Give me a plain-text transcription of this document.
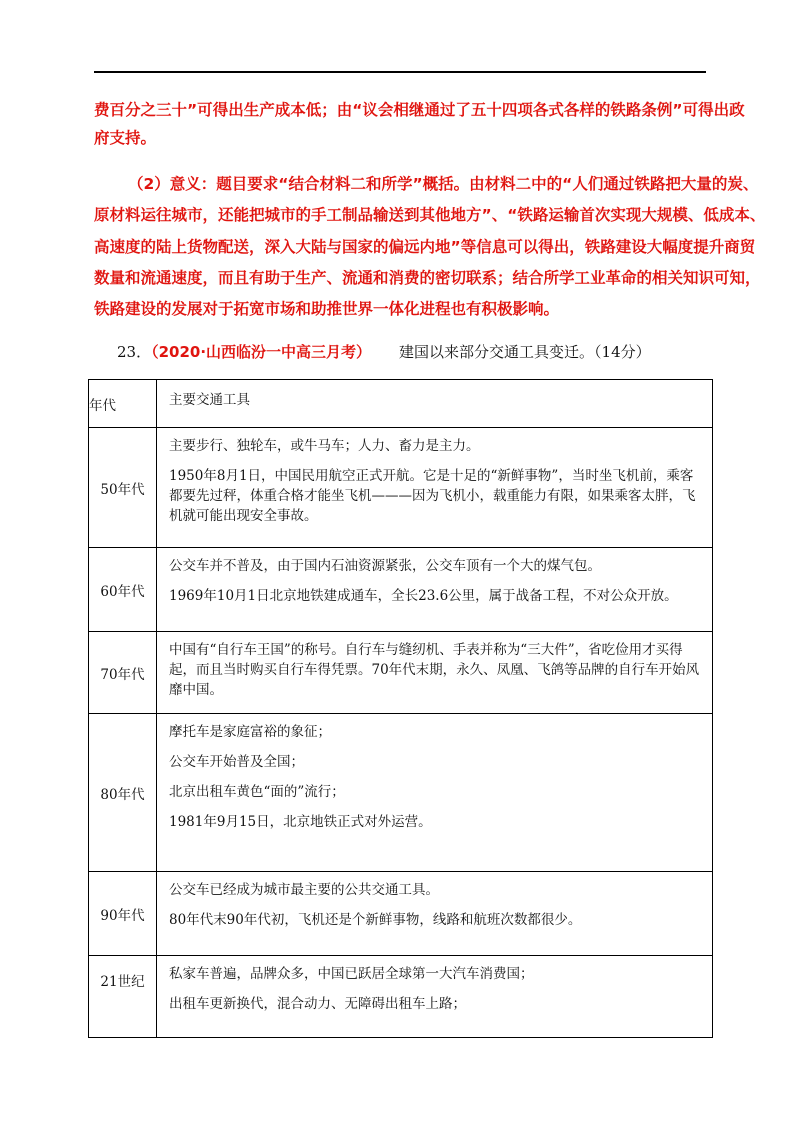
费百分之三十”可得出生产成本低；由“议会相继通过了五十四项各式各样的铁路条例”可得出政
府支持。
（2）意义：题目要求“结合材料二和所学”概括。由材料二中的“人们通过铁路把大量的炭、
原材料运往城市，还能把城市的手工制品输送到其他地方”、“铁路运输首次实现大规模、低成本、
高速度的陆上货物配送，深入大陆与国家的偏远内地”等信息可以得出，铁路建设大幅度提升商贸
数量和流通速度，而且有助于生产、流通和消费的密切联系；结合所学工业革命的相关知识可知，
铁路建设的发展对于拓宽市场和助推世界一体化进程也有积极影响。
23．（2020·山西临汾一中高三月考） 建国以来部分交通工具变迁。（14分）
年代	主要交通工具
50年代	主要步行、独轮车，或牛马车；人力、畜力是主力。

1950年8月1日，中国民用航空正式开航。它是十足的“新鲜事物”，当时坐飞机前，乘客都要先过秤，体重合格才能坐飞机———因为飞机小，载重能力有限，如果乘客太胖，飞机就可能出现安全事故。

60年代	公交车并不普及，由于国内石油资源紧张，公交车顶有一个大的煤气包。

1969年10月1日北京地铁建成通车，全长23.6公里，属于战备工程，不对公众开放。

70年代	中国有“自行车王国”的称号。自行车与缝纫机、手表并称为“三大件”，省吃俭用才买得起，而且当时购买自行车得凭票。70年代末期，永久、凤凰、飞鸽等品牌的自行车开始风靡中国。

80年代	摩托车是家庭富裕的象征；

公交车开始普及全国；

北京出租车黄色“面的”流行；

1981年9月15日，北京地铁正式对外运营。

90年代	公交车已经成为城市最主要的公共交通工具。

80年代末90年代初，飞机还是个新鲜事物，线路和航班次数都很少。

21世纪	私家车普遍，品牌众多，中国已跃居全球第一大汽车消费国；

出租车更新换代，混合动力、无障碍出租车上路；
